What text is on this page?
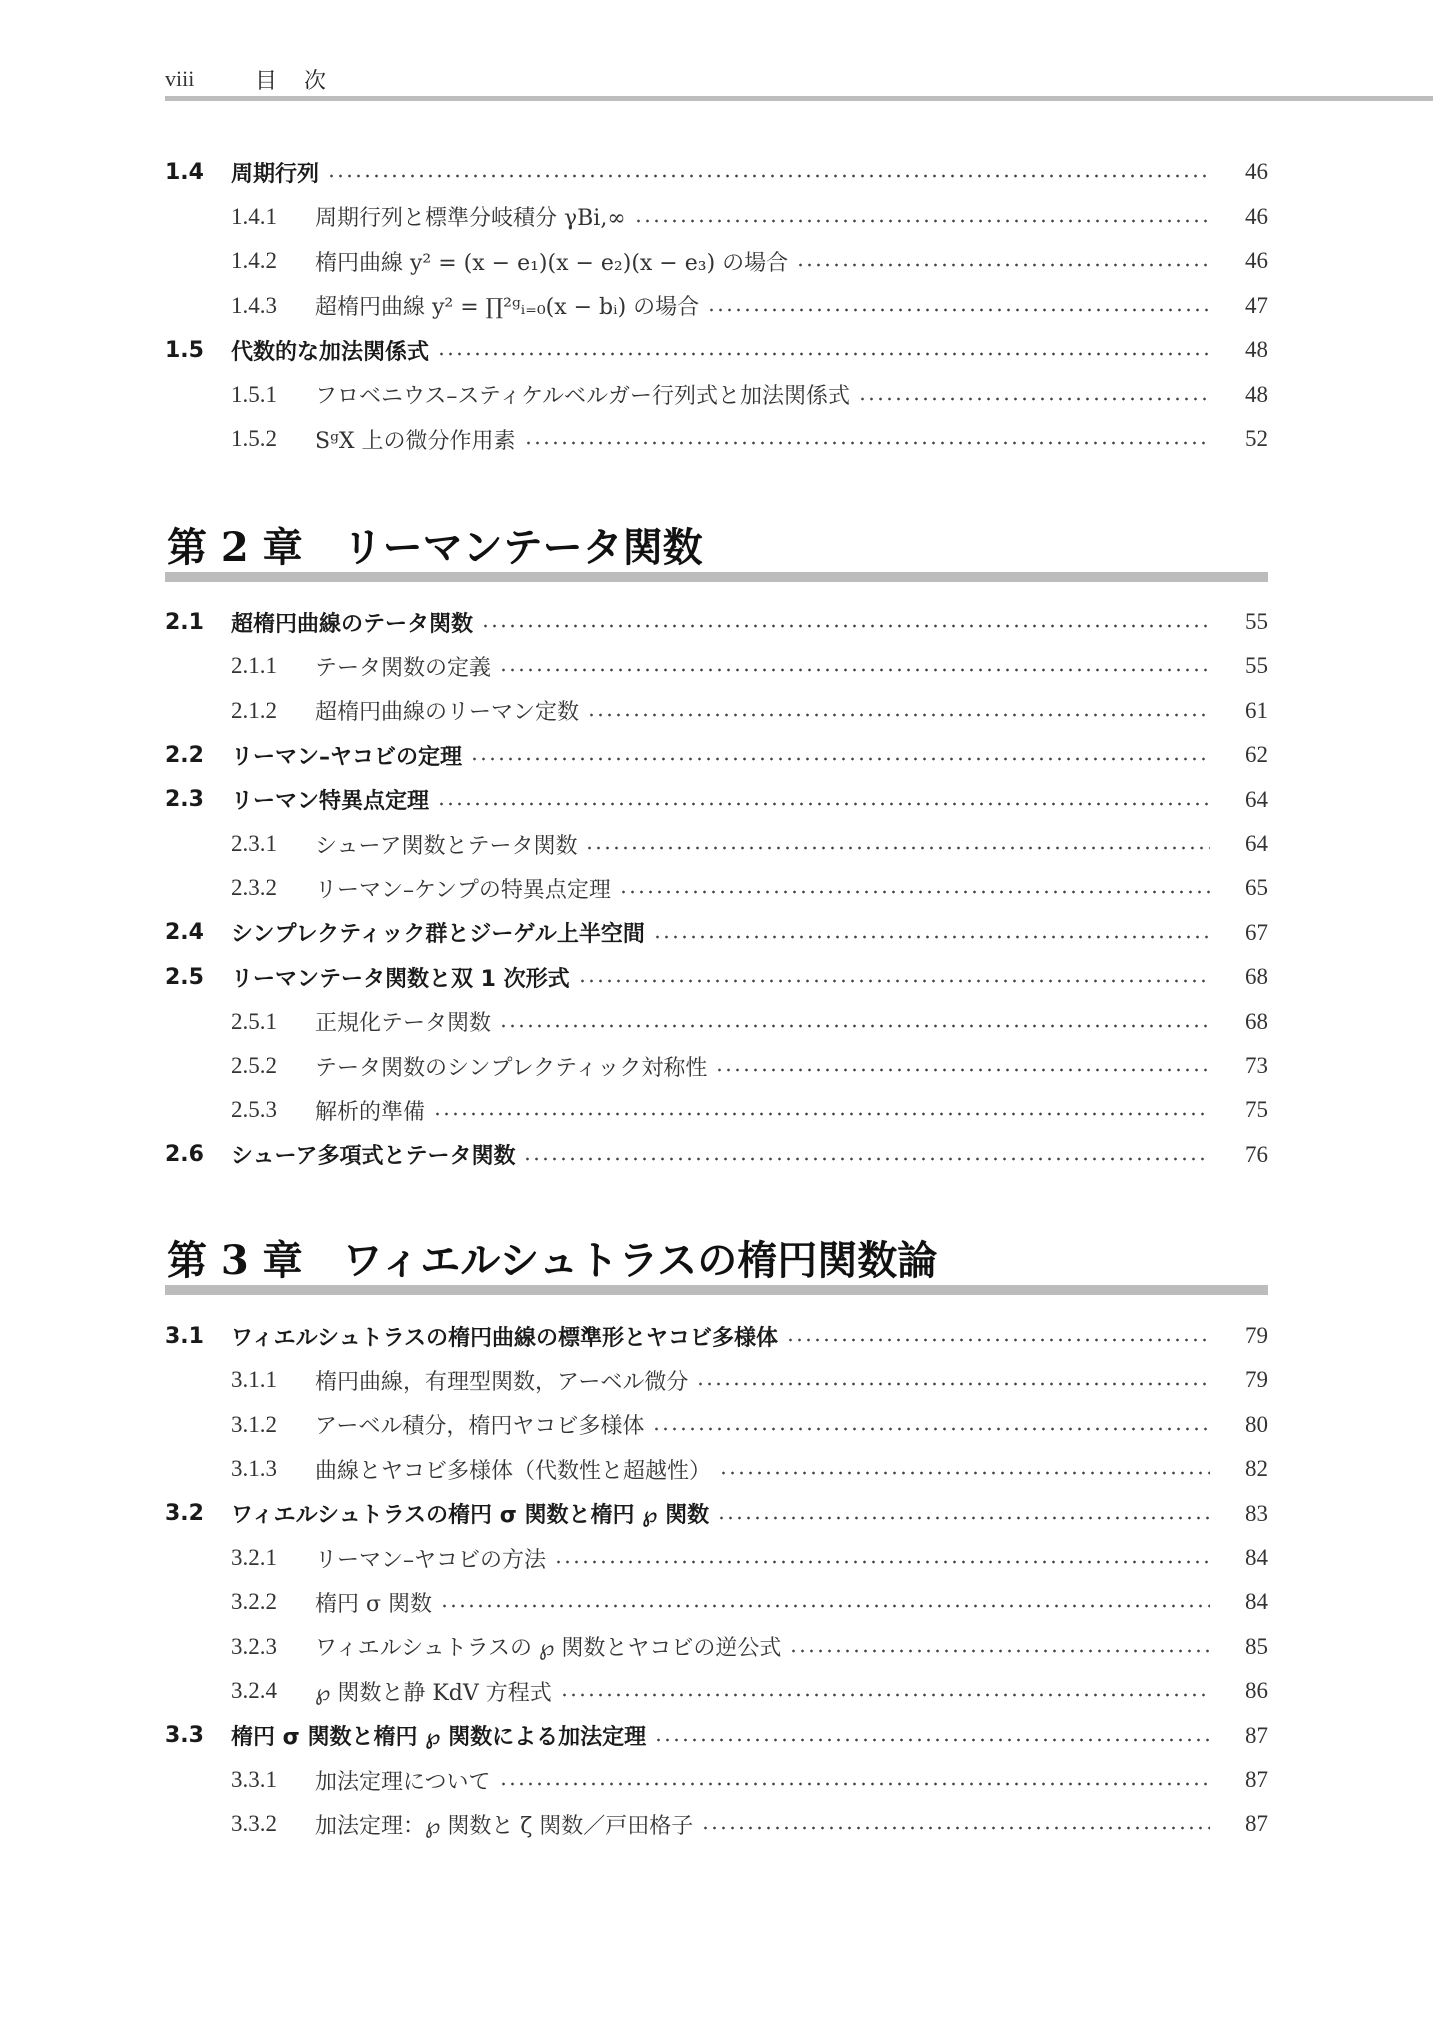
viii	目 次
1.4	周期行列	46
1.4.1	周期行列と標準分岐積分 γBi,∞	46
1.4.2	楕円曲線 y² = (x − e₁)(x − e₂)(x − e₃) の場合	46
1.4.3	超楕円曲線 y² = ∏²ᵍᵢ₌₀(x − bᵢ) の場合	47
1.5	代数的な加法関係式	48
1.5.1	フロベニウス–スティケルベルガー行列式と加法関係式	48
1.5.2	SᵍX 上の微分作用素	52
第 2 章　リーマンテータ関数
2.1	超楕円曲線のテータ関数	55
2.1.1	テータ関数の定義	55
2.1.2	超楕円曲線のリーマン定数	61
2.2	リーマン–ヤコビの定理	62
2.3	リーマン特異点定理	64
2.3.1	シューア関数とテータ関数	64
2.3.2	リーマン–ケンプの特異点定理	65
2.4	シンプレクティック群とジーゲル上半空間	67
2.5	リーマンテータ関数と双 1 次形式	68
2.5.1	正規化テータ関数	68
2.5.2	テータ関数のシンプレクティック対称性	73
2.5.3	解析的準備	75
2.6	シューア多項式とテータ関数	76
第 3 章　ワィエルシュトラスの楕円関数論
3.1	ワィエルシュトラスの楕円曲線の標準形とヤコビ多様体	79
3.1.1	楕円曲線，有理型関数，アーベル微分	79
3.1.2	アーベル積分，楕円ヤコビ多様体	80
3.1.3	曲線とヤコビ多様体（代数性と超越性）	82
3.2	ワィエルシュトラスの楕円 σ 関数と楕円 ℘ 関数	83
3.2.1	リーマン–ヤコビの方法	84
3.2.2	楕円 σ 関数	84
3.2.3	ワィエルシュトラスの ℘ 関数とヤコビの逆公式	85
3.2.4	℘ 関数と静 KdV 方程式	86
3.3	楕円 σ 関数と楕円 ℘ 関数による加法定理	87
3.3.1	加法定理について	87
3.3.2	加法定理：℘ 関数と ζ 関数／戸田格子	87
